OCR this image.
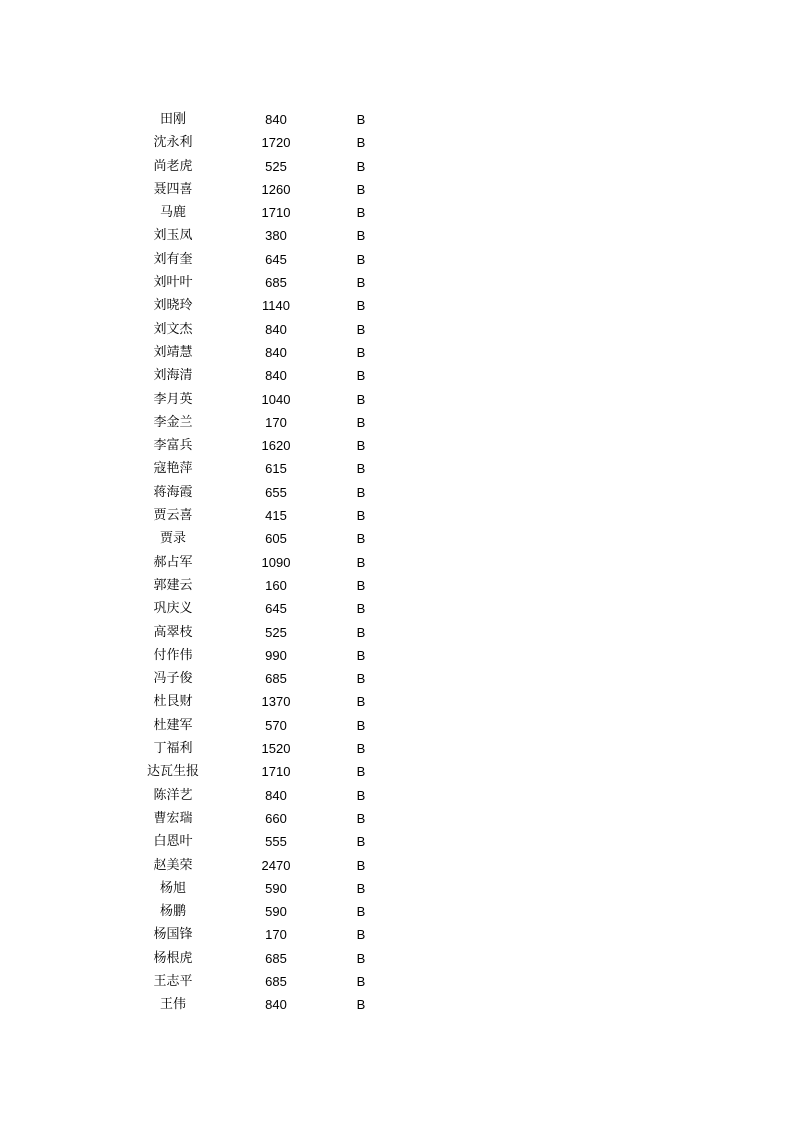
田刚	840	B
沈永利	1720	B
尚老虎	525	B
聂四喜	1260	B
马鹿	1710	B
刘玉凤	380	B
刘有奎	645	B
刘叶叶	685	B
刘晓玲	1140	B
刘文杰	840	B
刘靖慧	840	B
刘海清	840	B
李月英	1040	B
李金兰	170	B
李富兵	1620	B
寇艳萍	615	B
蒋海霞	655	B
贾云喜	415	B
贾录	605	B
郝占军	1090	B
郭建云	160	B
巩庆义	645	B
高翠枝	525	B
付作伟	990	B
冯子俊	685	B
杜艮财	1370	B
杜建军	570	B
丁福利	1520	B
达瓦生报	1710	B
陈洋艺	840	B
曹宏瑞	660	B
白恩叶	555	B
赵美荣	2470	B
杨旭	590	B
杨鹏	590	B
杨国锋	170	B
杨根虎	685	B
王志平	685	B
王伟	840	B
